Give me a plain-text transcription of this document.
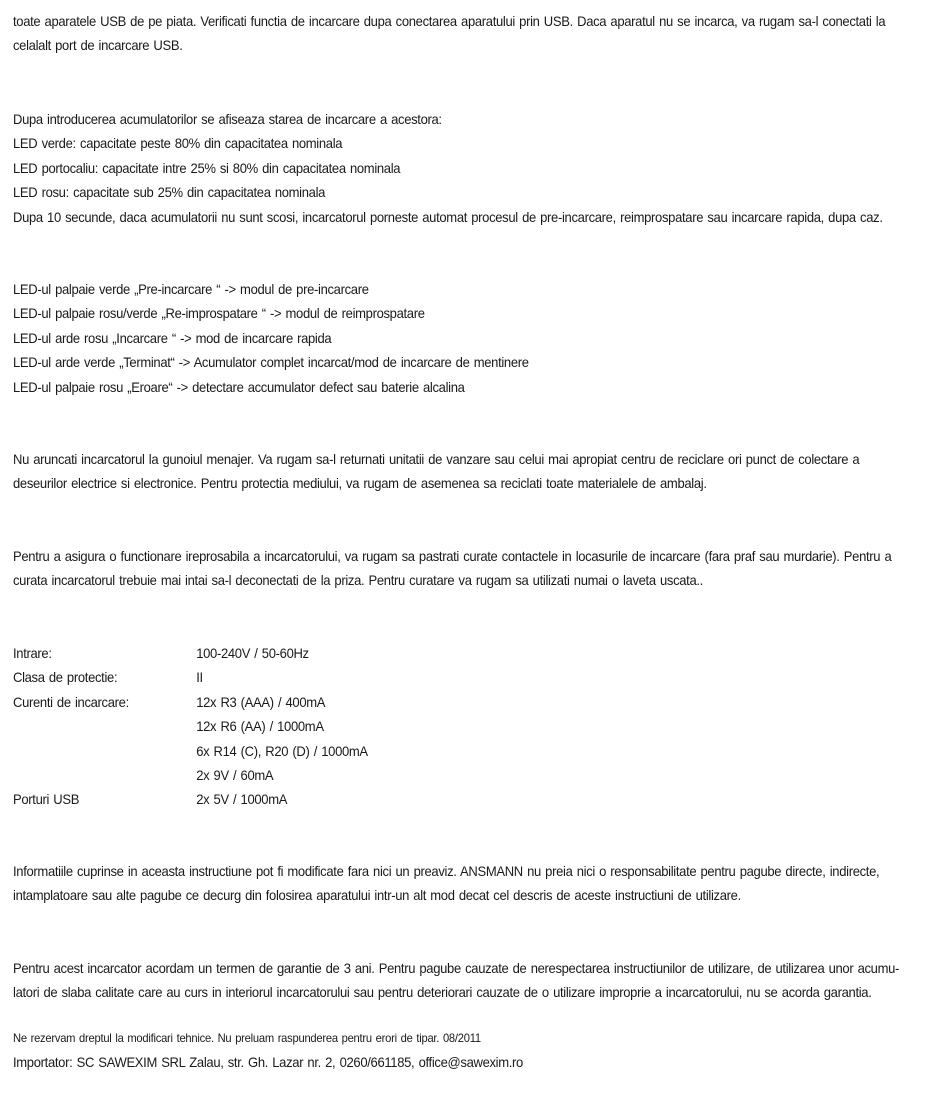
toate aparatele USB de pe piata. Verificati functia de incarcare dupa conectarea aparatului prin USB. Daca aparatul nu se incarca, va rugam sa-l conectati la
celalalt port de incarcare USB.
Dupa introducerea acumulatorilor se afiseaza starea de incarcare a acestora:
LED verde: capacitate peste 80% din capacitatea nominala
LED portocaliu: capacitate intre 25% si 80% din capacitatea nominala
LED rosu: capacitate sub 25% din capacitatea nominala
Dupa 10 secunde, daca acumulatorii nu sunt scosi, incarcatorul porneste automat procesul de pre-incarcare, reimprospatare sau incarcare rapida, dupa caz.
LED-ul palpaie verde „Pre-incarcare “ -> modul de pre-incarcare
LED-ul palpaie rosu/verde „Re-improspatare “ -> modul de reimprospatare
LED-ul arde rosu „Incarcare “ -> mod de incarcare rapida
LED-ul arde verde „Terminat“ -> Acumulator complet incarcat/mod de incarcare de mentinere
LED-ul palpaie rosu „Eroare“ -> detectare accumulator defect sau baterie alcalina
Nu aruncati incarcatorul la gunoiul menajer. Va rugam sa-l returnati unitatii de vanzare sau celui mai apropiat centru de reciclare ori punct de colectare a
deseurilor electrice si electronice. Pentru protectia mediului, va rugam de asemenea sa reciclati toate materialele de ambalaj.
Pentru a asigura o functionare ireprosabila a incarcatorului, va rugam sa pastrati curate contactele in locasurile de incarcare (fara praf sau murdarie). Pentru a
curata incarcatorul trebuie mai intai sa-l deconectati de la priza. Pentru curatare va rugam sa utilizati numai o laveta uscata..
Intrare:	100-240V / 50-60Hz
Clasa de protectie:	II
Curenti de incarcare:	12x R3 (AAA) / 400mA
12x R6 (AA) / 1000mA
6x R14 (C), R20 (D) / 1000mA
2x 9V / 60mA
Porturi USB	2x 5V / 1000mA
Informatiile cuprinse in aceasta instructiune pot fi modificate fara nici un preaviz. ANSMANN nu preia nici o responsabilitate pentru pagube directe, indirecte,
intamplatoare sau alte pagube ce decurg din folosirea aparatului intr-un alt mod decat cel descris de aceste instructiuni de utilizare.
Pentru acest incarcator acordam un termen de garantie de 3 ani. Pentru pagube cauzate de nerespectarea instructiunilor de utilizare, de utilizarea unor acumu-
latori de slaba calitate care au curs in interiorul incarcatorului sau pentru deteriorari cauzate de o utilizare improprie a incarcatorului, nu se acorda garantia.
Ne rezervam dreptul la modificari tehnice. Nu preluam raspunderea pentru erori de tipar. 08/2011
Importator: SC SAWEXIM SRL Zalau, str. Gh. Lazar nr. 2, 0260/661185, office@sawexim.ro
